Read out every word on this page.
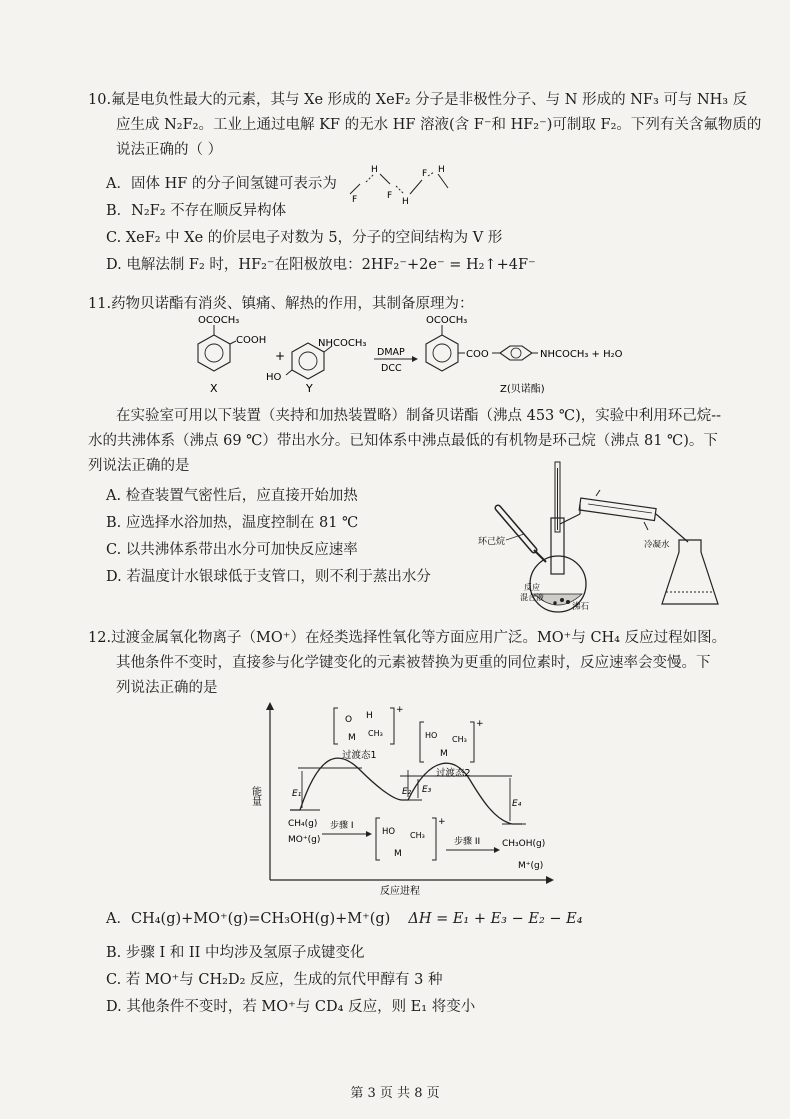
10.氟是电负性最大的元素，其与 Xe 形成的 XeF₂ 分子是非极性分子、与 N 形成的 NF₃ 可与 NH₃ 反
应生成 N₂F₂。工业上通过电解 KF 的无水 HF 溶液(含 F⁻和 HF₂⁻)可制取 F₂。下列有关含氟物质的
说法正确的（ ）
A．固体 HF 的分子间氢键可表示为
F
H
F
H
F H
B．N₂F₂ 不存在顺反异构体
C. XeF₂ 中 Xe 的价层电子对数为 5，分子的空间结构为 V 形
D. 电解法制 F₂ 时，HF₂⁻在阳极放电：2HF₂⁻+2e⁻ = H₂↑+4F⁻
11.药物贝诺酯有消炎、镇痛、解热的作用，其制备原理为：
OCOCH₃
COOH
X
+
NHCOCH₃
HO
Y
DMAP
DCC
OCOCH₃
COO	NHCOCH₃ + H₂O
Z(贝诺酯)
在实验室可用以下装置（夹持和加热装置略）制备贝诺酯（沸点 453 ℃)，实验中利用环己烷--
水的共沸体系（沸点 69 ℃）带出水分。已知体系中沸点最低的有机物是环己烷（沸点 81 ℃)。下
列说法正确的是
A. 检查装置气密性后，应直接开始加热
B. 应选择水浴加热，温度控制在 81 ℃
C. 以共沸体系带出水分可加快反应速率
D. 若温度计水银球低于支管口，则不利于蒸出水分
环己烷
反应
混合液
沸石
冷凝水
12.过渡金属氧化物离子（MO⁺）在烃类选择性氧化等方面应用广泛。MO⁺与 CH₄ 反应过程如图。
其他条件不变时，直接参与化学键变化的元素被替换为更重的同位素时，反应速率会变慢。下
列说法正确的是
能量
反应进程
E₁	E₂ E₃
E₄
O H
M CH₃
+
过渡态1
HO CH₃
M
+
过渡态2
CH₄(g)
MO⁺(g)
步骤 I
HO
M
CH₃
+
步骤 II CH₃OH(g)
M⁺(g)
A．CH₄(g)+MO⁺(g)=CH₃OH(g)+M⁺(g) ΔH = E₁ + E₃ − E₂ − E₄
B. 步骤 I 和 II 中均涉及氢原子成键变化
C. 若 MO⁺与 CH₂D₂ 反应，生成的氘代甲醇有 3 种
D. 其他条件不变时，若 MO⁺与 CD₄ 反应，则 E₁ 将变小
第 3 页 共 8 页
